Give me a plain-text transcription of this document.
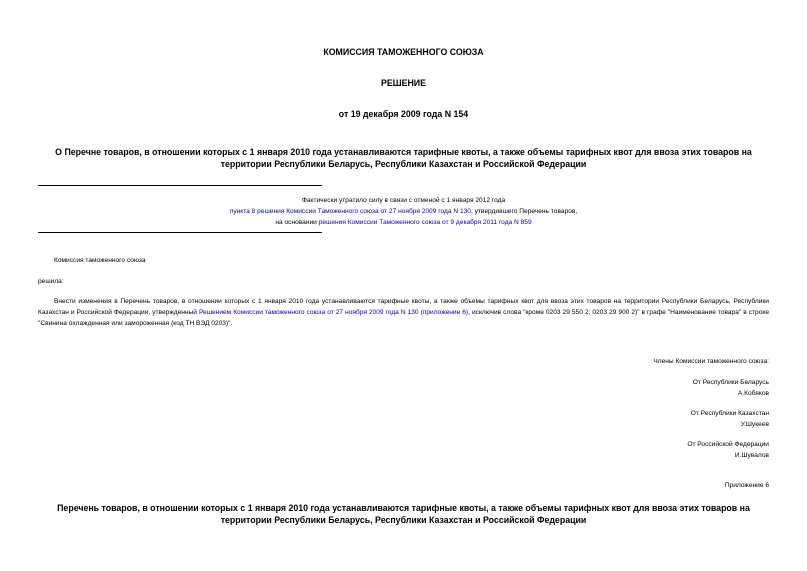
КОМИССИЯ ТАМОЖЕННОГО СОЮЗА
РЕШЕНИЕ
от 19 декабря 2009 года N 154
О Перечне товаров, в отношении которых с 1 января 2010 года устанавливаются тарифные квоты, а также объемы тарифных квот для ввоза этих товаров на
территории Республики Беларусь, Республики Казахстан и Российской Федерации
Фактически утратило силу в связи с отменой с 1 января 2012 года
пункта 8 решения Комиссии Таможенного союза от 27 ноября 2009 года N 130, утвердившего Перечень товаров,
на основании решения Комиссии Таможенного союза от 9 декабря 2011 года N 859
Комиссия таможенного союза
решила:
Внести изменения в Перечень товаров, в отношении которых с 1 января 2010 года устанавливаются тарифные квоты, а также объемы тарифных квот для ввоза этих товаров на территории Республики Беларусь, Республики Казахстан и Российской Федерации, утвержденный Решением Комиссии таможенного союза от 27 ноября 2009 года N 130 (приложение 6), исключив слова "кроме 0203 29 550 2; 0203 29 900 2)" в графе "Наименование товара" в строке "Свинина охлажденная или замороженная (код ТН ВЭД 0203)".
Члены Комиссии таможенного союза:
От Республики Беларусь
А.Кобяков
От Республики Казахстан
У.Шукеев
От Российской Федерации
И.Шувалов
Приложение 6
Перечень товаров, в отношении которых с 1 января 2010 года устанавливаются тарифные квоты, а также объемы тарифных квот для ввоза этих товаров на
территории Республики Беларусь, Республики Казахстан и Российской Федерации
